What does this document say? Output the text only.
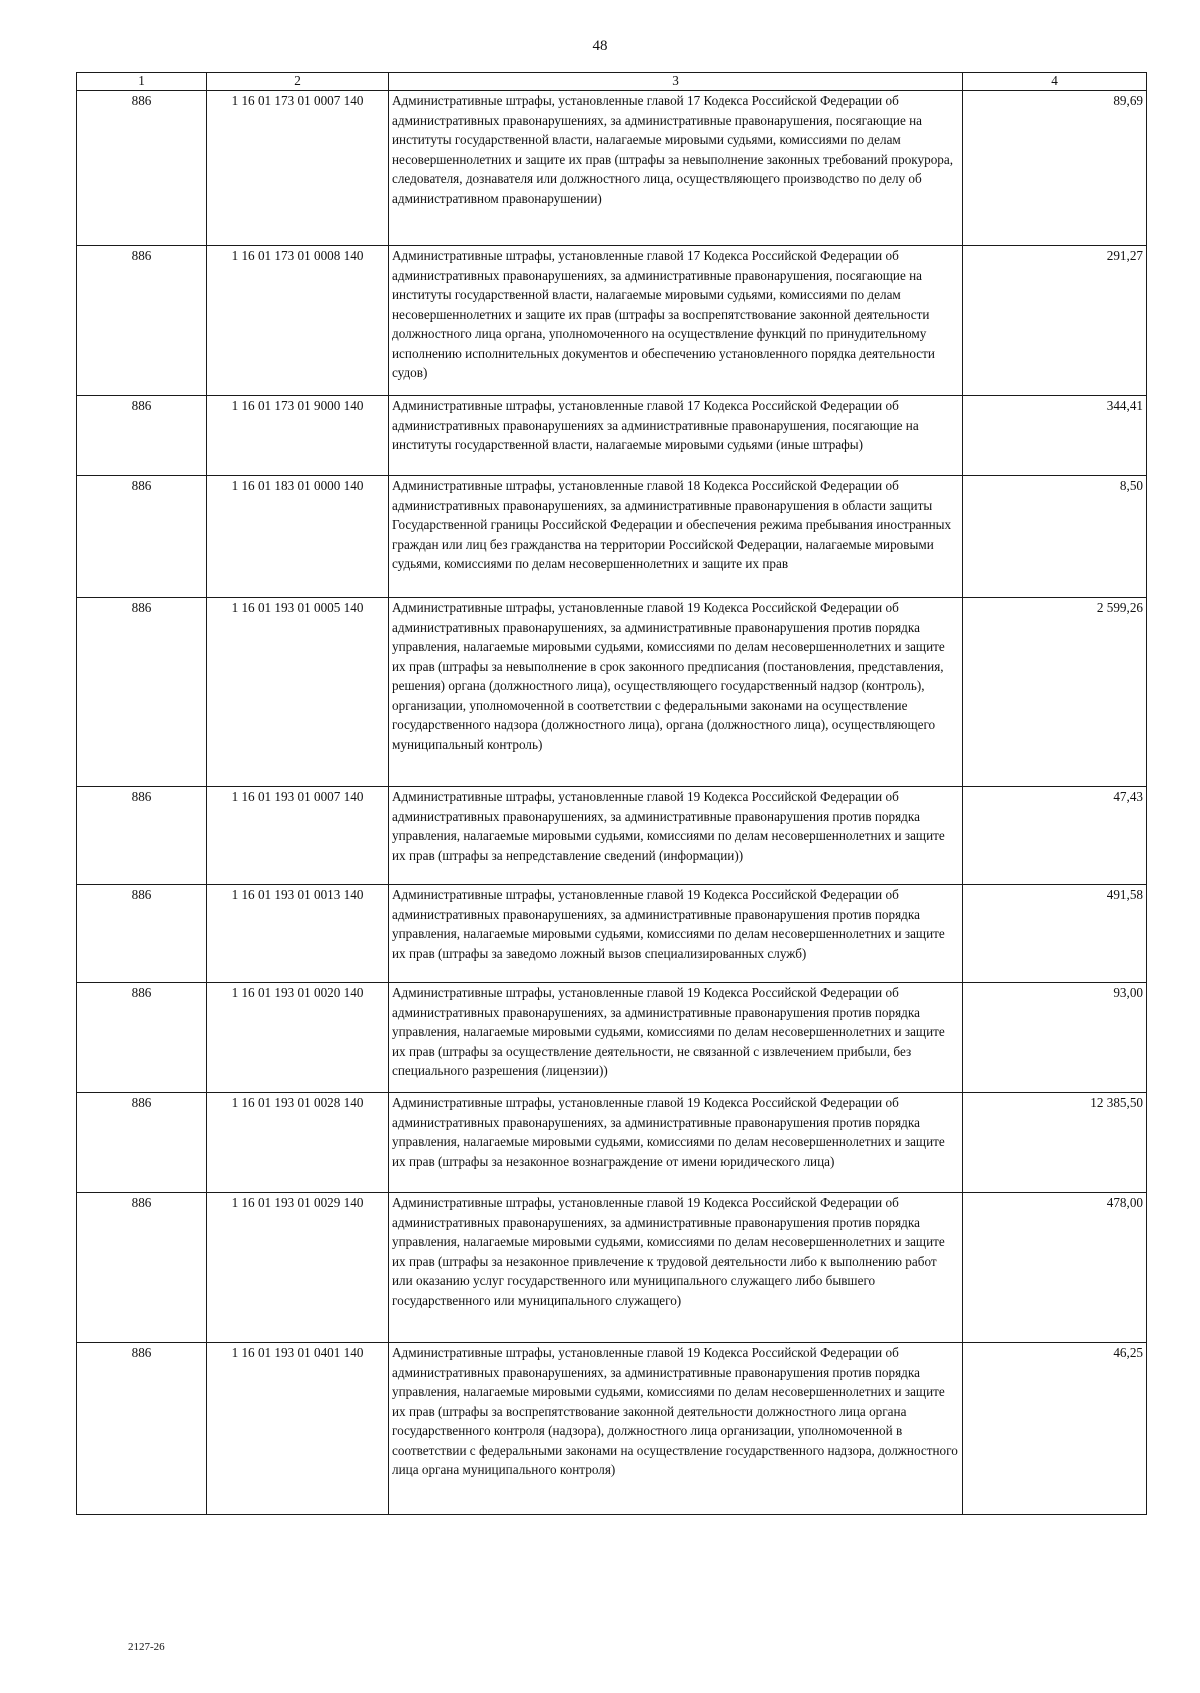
48
1	2	3	4
886	1 16 01 173 01 0007 140	Административные штрафы, установленные главой 17 Кодекса Российской Федерации об административных правонарушениях, за административные правонарушения, посягающие на институты государственной власти, налагаемые мировыми судьями, комиссиями по делам несовершеннолетних и защите их прав (штрафы за невыполнение законных требований прокурора, следователя, дознавателя или должностного лица, осуществляющего производство по делу об административном правонарушении)	89,69
886	1 16 01 173 01 0008 140	Административные штрафы, установленные главой 17 Кодекса Российской Федерации об административных правонарушениях, за административные правонарушения, посягающие на институты государственной власти, налагаемые мировыми судьями, комиссиями по делам несовершеннолетних и защите их прав (штрафы за воспрепятствование законной деятельности должностного лица органа, уполномоченного на осуществление функций по принудительному исполнению исполнительных документов и обеспечению установленного порядка деятельности судов)	291,27
886	1 16 01 173 01 9000 140	Административные штрафы, установленные главой 17 Кодекса Российской Федерации об административных правонарушениях за административные правонарушения, посягающие на институты государственной власти, налагаемые мировыми судьями (иные штрафы)	344,41
886	1 16 01 183 01 0000 140	Административные штрафы, установленные главой 18 Кодекса Российской Федерации об административных правонарушениях, за административные правонарушения в области защиты Государственной границы Российской Федерации и обеспечения режима пребывания иностранных граждан или лиц без гражданства на территории Российской Федерации, налагаемые мировыми судьями, комиссиями по делам несовершеннолетних и защите их прав	8,50
886	1 16 01 193 01 0005 140	Административные штрафы, установленные главой 19 Кодекса Российской Федерации об административных правонарушениях, за административные правонарушения против порядка управления, налагаемые мировыми судьями, комиссиями по делам несовершеннолетних и защите их прав (штрафы за невыполнение в срок законного предписания (постановления, представления, решения) органа (должностного лица), осуществляющего государственный надзор (контроль), организации, уполномоченной в соответствии с федеральными законами на осуществление государственного надзора (должностного лица), органа (должностного лица), осуществляющего муниципальный контроль)	2 599,26
886	1 16 01 193 01 0007 140	Административные штрафы, установленные главой 19 Кодекса Российской Федерации об административных правонарушениях, за административные правонарушения против порядка управления, налагаемые мировыми судьями, комиссиями по делам несовершеннолетних и защите их прав (штрафы за непредставление сведений (информации))	47,43
886	1 16 01 193 01 0013 140	Административные штрафы, установленные главой 19 Кодекса Российской Федерации об административных правонарушениях, за административные правонарушения против порядка управления, налагаемые мировыми судьями, комиссиями по делам несовершеннолетних и защите их прав (штрафы за заведомо ложный вызов специализированных служб)	491,58
886	1 16 01 193 01 0020 140	Административные штрафы, установленные главой 19 Кодекса Российской Федерации об административных правонарушениях, за административные правонарушения против порядка управления, налагаемые мировыми судьями, комиссиями по делам несовершеннолетних и защите их прав (штрафы за осуществление деятельности, не связанной с извлечением прибыли, без специального разрешения (лицензии))	93,00
886	1 16 01 193 01 0028 140	Административные штрафы, установленные главой 19 Кодекса Российской Федерации об административных правонарушениях, за административные правонарушения против порядка управления, налагаемые мировыми судьями, комиссиями по делам несовершеннолетних и защите их прав (штрафы за незаконное вознаграждение от имени юридического лица)	12 385,50
886	1 16 01 193 01 0029 140	Административные штрафы, установленные главой 19 Кодекса Российской Федерации об административных правонарушениях, за административные правонарушения против порядка управления, налагаемые мировыми судьями, комиссиями по делам несовершеннолетних и защите их прав (штрафы за незаконное привлечение к трудовой деятельности либо к выполнению работ или оказанию услуг государственного или муниципального служащего либо бывшего государственного или муниципального служащего)	478,00
886	1 16 01 193 01 0401 140	Административные штрафы, установленные главой 19 Кодекса Российской Федерации об административных правонарушениях, за административные правонарушения против порядка управления, налагаемые мировыми судьями, комиссиями по делам несовершеннолетних и защите их прав (штрафы за воспрепятствование законной деятельности должностного лица органа государственного контроля (надзора), должностного лица организации, уполномоченной в соответствии с федеральными законами на осуществление государственного надзора, должностного лица органа муниципального контроля)	46,25
2127-26
